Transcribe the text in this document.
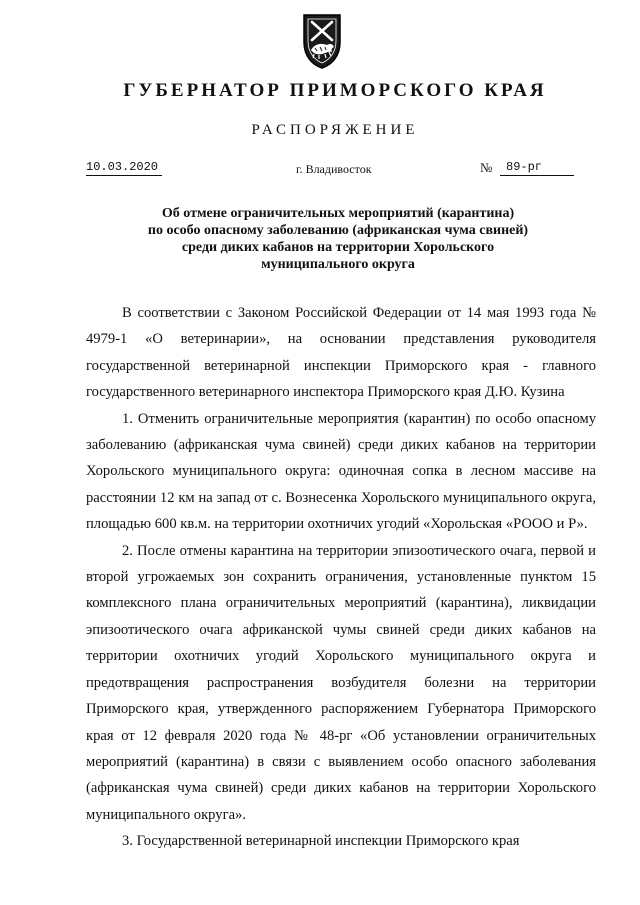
ГУБЕРНАТОР ПРИМОРСКОГО КРАЯ
РАСПОРЯЖЕНИЕ
10.03.2020	г. Владивосток	№	89-рг
Об отмене ограничительных мероприятий (карантина)
по особо опасному заболеванию (африканская чума свиней)
среди диких кабанов на территории Хорольского
муниципального округа

В соответствии с Законом Российской Федерации от 14 мая 1993 года № 4979-1 «О ветеринарии», на основании представления руководителя государственной ветеринарной инспекции Приморского края - главного государственного ветеринарного инспектора Приморского края Д.Ю. Кузина

1. Отменить ограничительные мероприятия (карантин) по особо опасному заболеванию (африканская чума свиней) среди диких кабанов на территории Хорольского муниципального округа: одиночная сопка в лесном массиве на расстоянии 12 км на запад от с. Вознесенка Хорольского муниципального округа, площадью 600 кв.м. на территории охотничих угодий «Хорольская «РООО и Р».

2. После отмены карантина на территории эпизоотического очага, первой и второй угрожаемых зон сохранить ограничения, установленные пунктом 15 комплексного плана ограничительных мероприятий (карантина), ликвидации эпизоотического очага африканской чумы свиней среди диких кабанов на территории охотничих угодий Хорольского муниципального округа и предотвращения распространения возбудителя болезни на территории Приморского края, утвержденного распоряжением Губернатора Приморского края от 12 февраля 2020 года № 48-рг «Об установлении ограничительных мероприятий (карантина) в связи с выявлением особо опасного заболевания (африканская чума свиней) среди диких кабанов на территории Хорольского муниципального округа».

3. Государственной ветеринарной инспекции Приморского края
